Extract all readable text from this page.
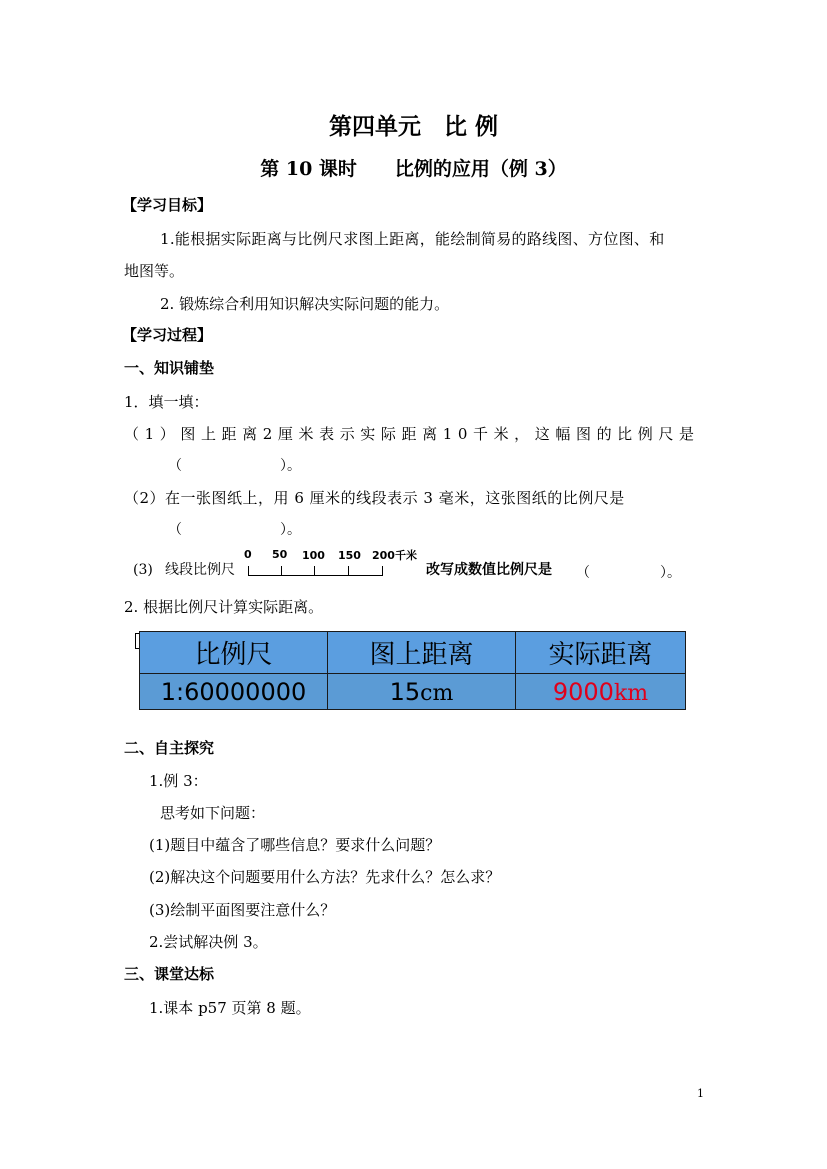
第四单元　比 例
第 10 课时　　比例的应用（例 3）
【学习目标】
1.能根据实际距离与比例尺求图上距离，能绘制简易的路线图、方位图、和
地图等。
2. 锻炼综合利用知识解决实际问题的能力。
【学习过程】
一、知识铺垫
1．填一填：
（1）图上距离2厘米表示实际距离10千米，这幅图的比例尺是
（　　　　　　　）。
（2）在一张图纸上，用 6 厘米的线段表示 3 毫米，这张图纸的比例尺是
（　　　　　　　）。
(3) 线段比例尺
0 50 100 150 200千米
改写成数值比例尺是 （　　　　　）。
2. 根据比例尺计算实际距离。
比例尺	图上距离	实际距离
1:60000000	15cm	9000km
二、自主探究
1.例 3：
思考如下问题：
(1)题目中蕴含了哪些信息？要求什么问题？
(2)解决这个问题要用什么方法？先求什么？怎么求？
(3)绘制平面图要注意什么？
2.尝试解决例 3。
三、课堂达标
1.课本 p57 页第 8 题。
1
